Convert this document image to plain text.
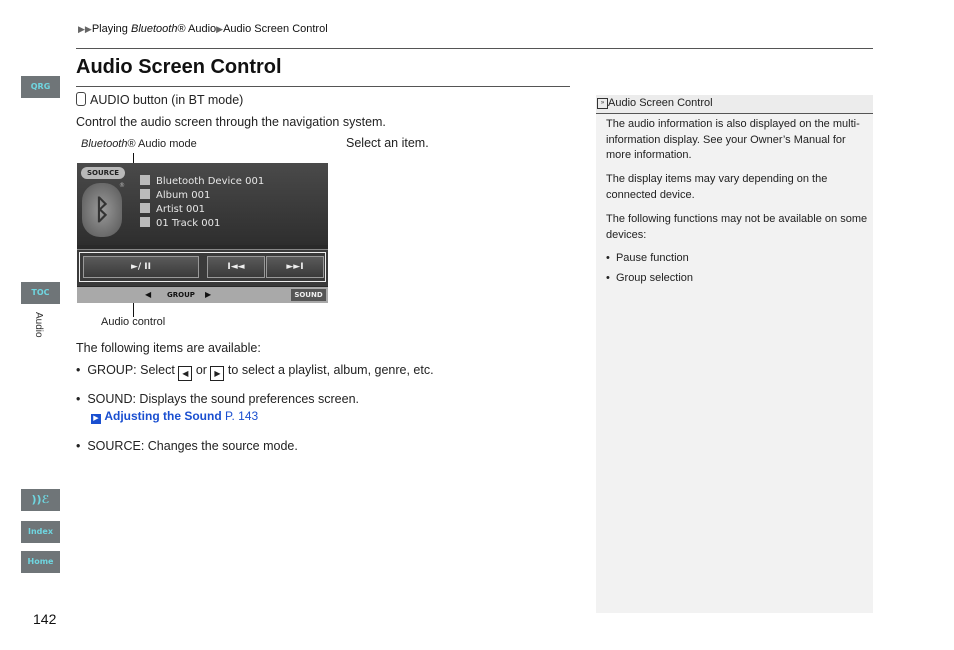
▶▶Playing Bluetooth® Audio▶Audio Screen Control
QRG
TOC
Audio
))ℰ
Index
Home
Audio Screen Control
AUDIO button (in BT mode)
Control the audio screen through the navigation system.
Bluetooth® Audio mode	Select an item.
SOURCE
ᛒ
®	Bluetooth Device 001
Album 001
Artist 001
01 Track 001
►/ II	I◄◄	►►I
◀ GROUP ▶	SOUND
Audio control
The following items are available:
•  GROUP: Select ◀ or ▶ to select a playlist, album, genre, etc.
•  SOUND: Displays the sound preferences screen.
▶ Adjusting the Sound P. 143
•  SOURCE: Changes the source mode.
» Audio Screen Control

The audio information is also displayed on the multi-information display. See your Owner’s Manual for more information.

The display items may vary depending on the connected device.

The following functions may not be available on some devices:

•  Pause function

•  Group selection

142
